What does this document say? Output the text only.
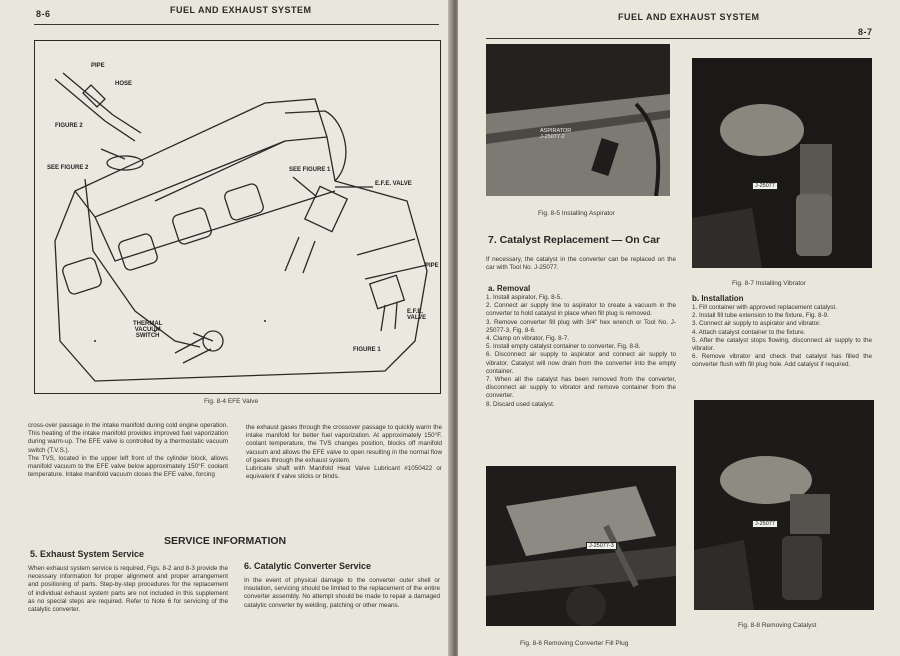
8-6	FUEL AND EXHAUST SYSTEM
PIPE
HOSE
FIGURE 2
SEE FIGURE 2	SEE FIGURE 1
E.F.E. VALVE
PIPE
E.F.E.
VALVE
THERMAL
VACUUM
SWITCH
FIGURE 1
Fig. 8-4 EFE Valve
cross-over passage in the intake manifold during cold engine operation. This heating of the intake manifold provides improved fuel vaporization during warm-up. The EFE valve is controlled by a thermostatic vacuum switch (T.V.S.).
The TVS, located in the upper left front of the cylinder block, allows manifold vacuum to the EFE valve below approximately 150°F. coolant temperature. Intake manifold vacuum closes the EFE valve, forcing
the exhaust gases through the crossover passage to quickly warm the intake manifold for better fuel vaporization. At approximately 150°F. coolant temperature, the TVS changes position, blocks off manifold vacuum and allows the EFE valve to open resulting in the normal flow of gases through the exhaust system.
Lubricate shaft with Manifold Heat Valve Lubricant #1050422 or equivalent if valve sticks or binds.
SERVICE INFORMATION
5. Exhaust System Service
When exhaust system service is required, Figs. 8-2 and 8-3 provide the necessary information for proper alignment and proper arrangement and positioning of parts. Step-by-step procedures for the replacement of individual exhaust system parts are not included in this supplement as no special steps are required. Refer to Note 6 for servicing of the catalytic converter.
6. Catalytic Converter Service
In the event of physical damage to the converter outer shell or insulation, servicing should be limited to the replacement of the entire converter assembly. No attempt should be made to repair a damaged catalytic converter by welding, patching or other means.
FUEL AND EXHAUST SYSTEM
8-7
ASPIRATOR
J-25077-2
Fig. 8-5 Installing Aspirator
J-25077
Fig. 8-7 Installing Vibrator
7. Catalyst Replacement — On Car
If necessary, the catalyst in the converter can be replaced on the car with Tool No. J-25077.
a. Removal
1. Install aspirator, Fig. 8-5.
2. Connect air supply line to aspirator to create a vacuum in the converter to hold catalyst in place when fill plug is removed.
3. Remove converter fill plug with 3/4" hex wrench or Tool No. J-25077-3, Fig. 8-6.
4. Clamp on vibrator, Fig. 8-7.
5. Install empty catalyst container to converter, Fig. 8-8.
6. Disconnect air supply to aspirator and connect air supply to vibrator. Catalyst will now drain from the converter into the empty container.
7. When all the catalyst has been removed from the converter, disconnect air supply to vibrator and remove container from the converter.
8. Discard used catalyst.
b. Installation
1. Fill container with approved replacement catalyst.
2. Install fill tube extension to the fixture, Fig. 8-9.
3. Connect air supply to aspirator and vibrator.
4. Attach catalyst container to the fixture.
5. After the catalyst stops flowing, disconnect air supply to the vibrator.
6. Remove vibrator and check that catalyst has filled the converter flush with fill plug hole. Add catalyst if required.
J-25077-3
Fig. 8-6 Removing Converter Fill Plug
J-25077
Fig. 8-8 Removing Catalyst
